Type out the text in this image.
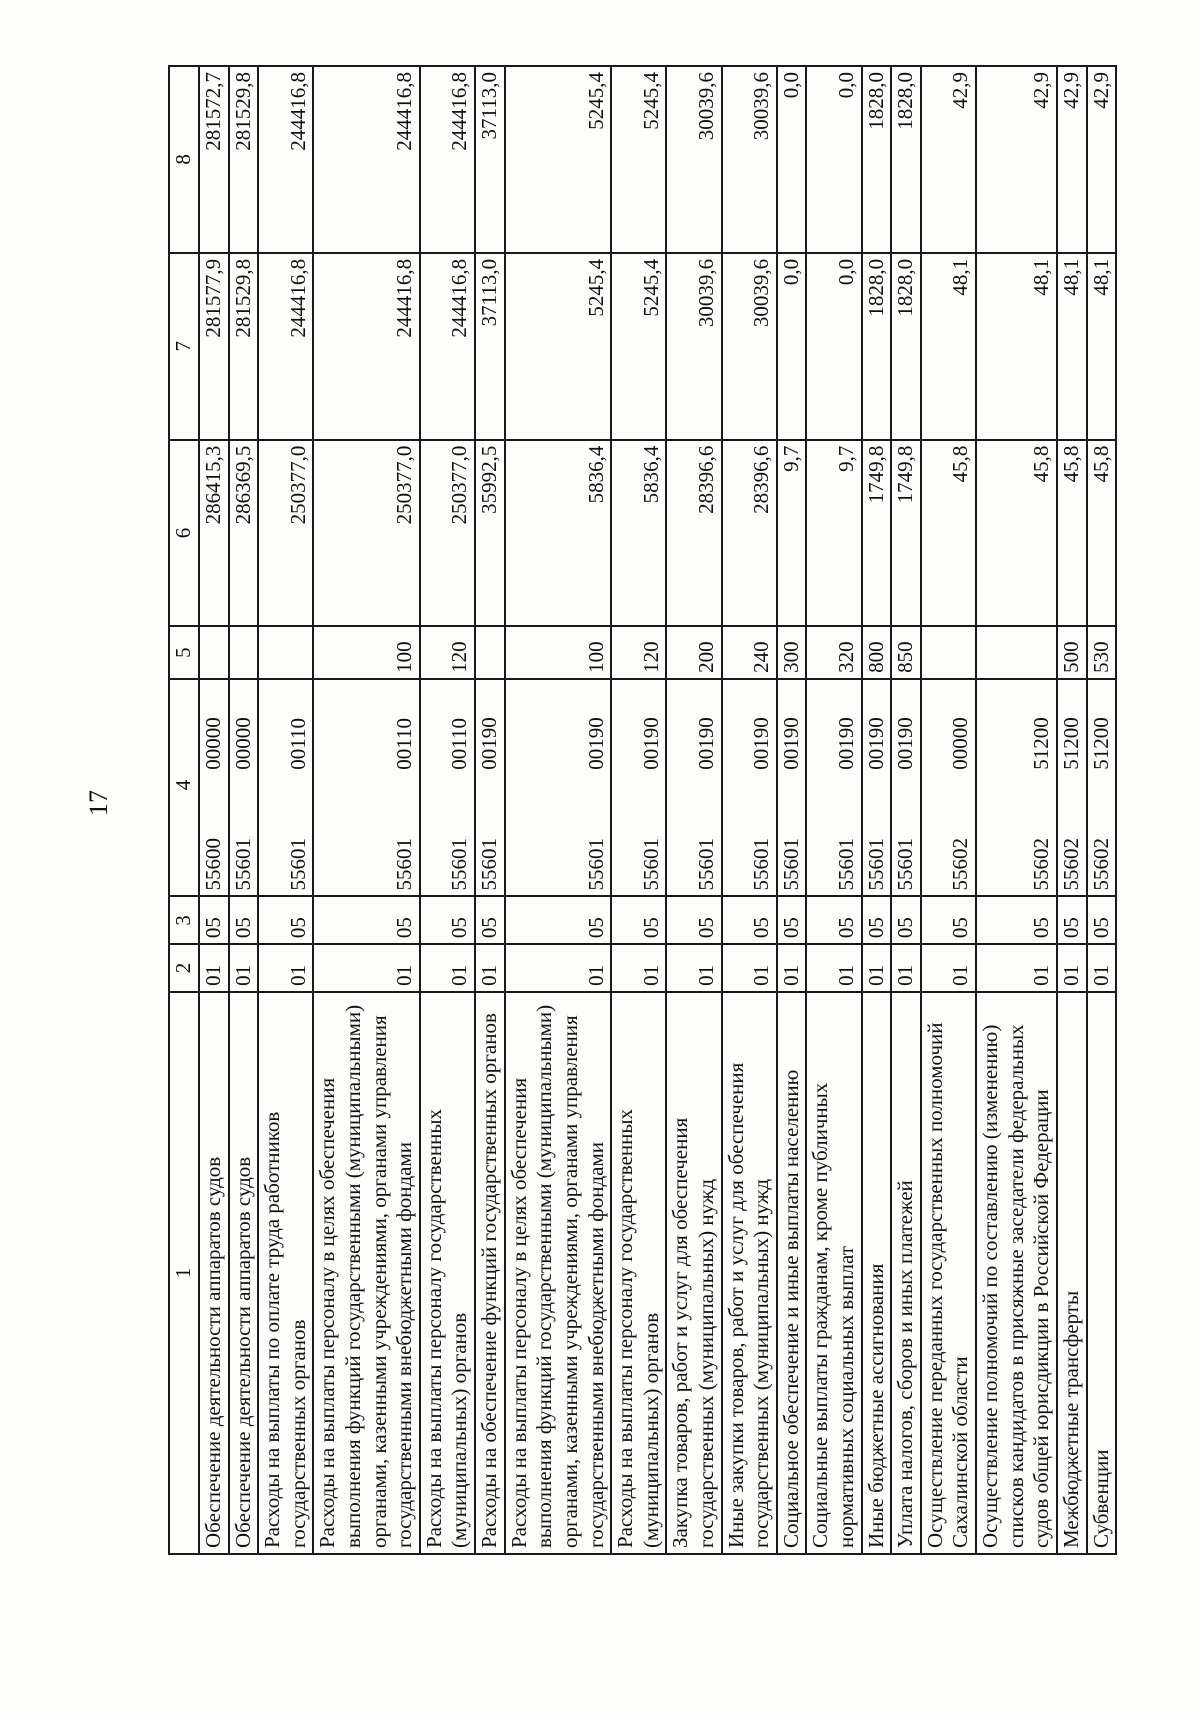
17
1	2	3	4		5	6	7	8
Обеспечение деятельности аппаратов судов	01	05	55600	00000		286415,3	281577,9	281572,7
Обеспечение деятельности аппаратов судов	01	05	55601	00000		286369,5	281529,8	281529,8
Расходы на выплаты по оплате труда работников государственных органов	01	05	55601	00110		250377,0	244416,8	244416,8
Расходы на выплаты персоналу в целях обеспечения выполнения функций государственными (муниципальными) органами, казенными учреждениями, органами управления государственными внебюджетными фондами	01	05	55601	00110	100	250377,0	244416,8	244416,8
Расходы на выплаты персоналу государственных (муниципальных) органов	01	05	55601	00110	120	250377,0	244416,8	244416,8
Расходы на обеспечение функций государственных органов	01	05	55601	00190		35992,5	37113,0	37113,0
Расходы на выплаты персоналу в целях обеспечения выполнения функций государственными (муниципальными) органами, казенными учреждениями, органами управления государственными внебюджетными фондами	01	05	55601	00190	100	5836,4	5245,4	5245,4
Расходы на выплаты персоналу государственных (муниципальных) органов	01	05	55601	00190	120	5836,4	5245,4	5245,4
Закупка товаров, работ и услуг для обеспечения государственных (муниципальных) нужд	01	05	55601	00190	200	28396,6	30039,6	30039,6
Иные закупки товаров, работ и услуг для обеспечения государственных (муниципальных) нужд	01	05	55601	00190	240	28396,6	30039,6	30039,6
Социальное обеспечение и иные выплаты населению	01	05	55601	00190	300	9,7	0,0	0,0
Социальные выплаты гражданам, кроме публичных нормативных социальных выплат	01	05	55601	00190	320	9,7	0,0	0,0
Иные бюджетные ассигнования	01	05	55601	00190	800	1749,8	1828,0	1828,0
Уплата налогов, сборов и иных платежей	01	05	55601	00190	850	1749,8	1828,0	1828,0
Осуществление переданных государственных полномочий Сахалинской области	01	05	55602	00000		45,8	48,1	42,9
Осуществление полномочий по составлению (изменению) списков кандидатов в присяжные заседатели федеральных судов общей юрисдикции в Российской Федерации	01	05	55602	51200		45,8	48,1	42,9
Межбюджетные трансферты	01	05	55602	51200	500	45,8	48,1	42,9
Субвенции	01	05	55602	51200	530	45,8	48,1	42,9
